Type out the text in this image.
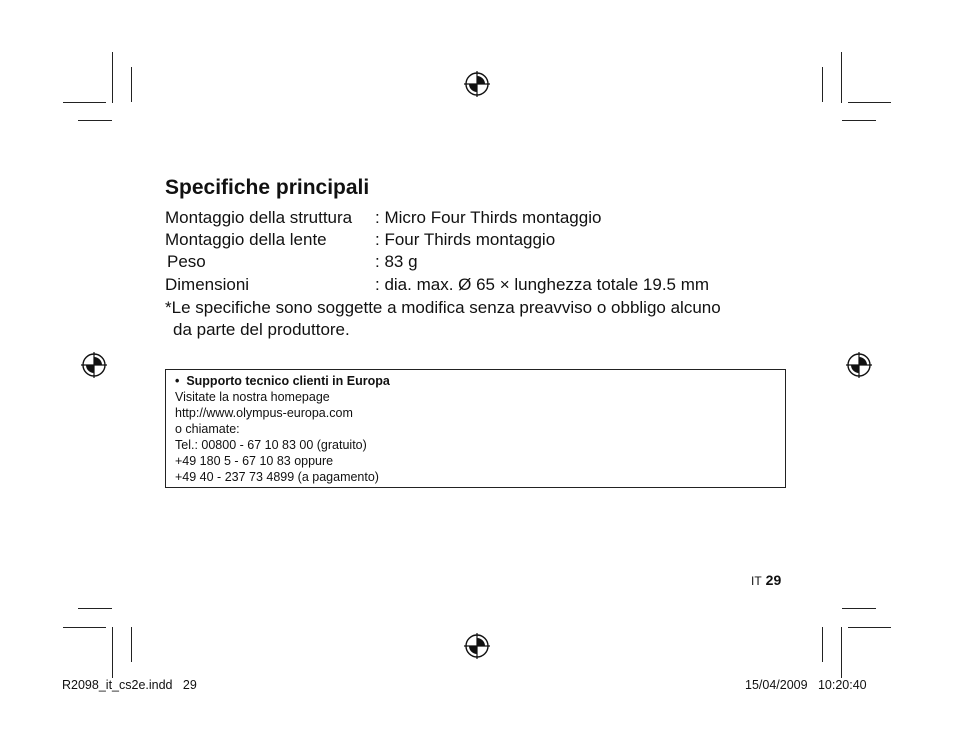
Specifiche principali
Montaggio della struttura : Micro Four Thirds montaggio
Montaggio della lente	: Four Thirds montaggio
Peso	: 83 g
Dimensioni	: dia. max. Ø 65 × lunghezza totale 19.5 mm
*Le specifiche sono soggette a modifica senza preavviso o obbligo alcuno
da parte del produttore.
•  Supporto tecnico clienti in Europa
Visitate la nostra homepage
http://www.olympus-europa.com
o chiamate:
Tel.: 00800 - 67 10 83 00 (gratuito)
+49 180 5 - 67 10 83 oppure
+49 40 - 237 73 4899 (a pagamento)
IT 29
R2098_it_cs2e.indd   29	15/04/2009   10:20:40
